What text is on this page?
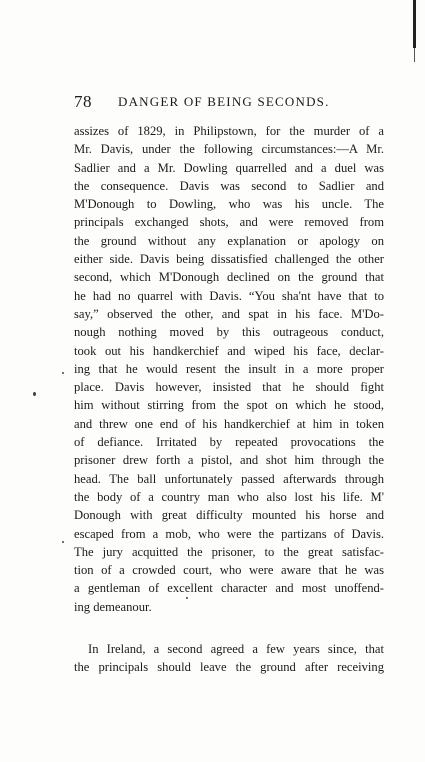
78 DANGER OF BEING SECONDS.
assizes of 1829, in Philipstown, for the murder of a
Mr. Davis, under the following circumstances:—A Mr.
Sadlier and a Mr. Dowling quarrelled and a duel was
the consequence. Davis was second to Sadlier and
M'Donough to Dowling, who was his uncle. The
principals exchanged shots, and were removed from
the ground without any explanation or apology on
either side. Davis being dissatisfied challenged the other
second, which M'Donough declined on the ground that
he had no quarrel with Davis. “You sha'nt have that to
say,” observed the other, and spat in his face. M'Do-
nough nothing moved by this outrageous conduct,
took out his handkerchief and wiped his face, declar-
ing that he would resent the insult in a more proper
place. Davis however, insisted that he should fight
him without stirring from the spot on which he stood,
and threw one end of his handkerchief at him in token
of defiance. Irritated by repeated provocations the
prisoner drew forth a pistol, and shot him through the
head. The ball unfortunately passed afterwards through
the body of a country man who also lost his life. M'
Donough with great difficulty mounted his horse and
escaped from a mob, who were the partizans of Davis.
The jury acquitted the prisoner, to the great satisfac-
tion of a crowded court, who were aware that he was
a gentleman of excellent character and most unoffend-
ing demeanour.
In Ireland, a second agreed a few years since, that
the principals should leave the ground after receiving
